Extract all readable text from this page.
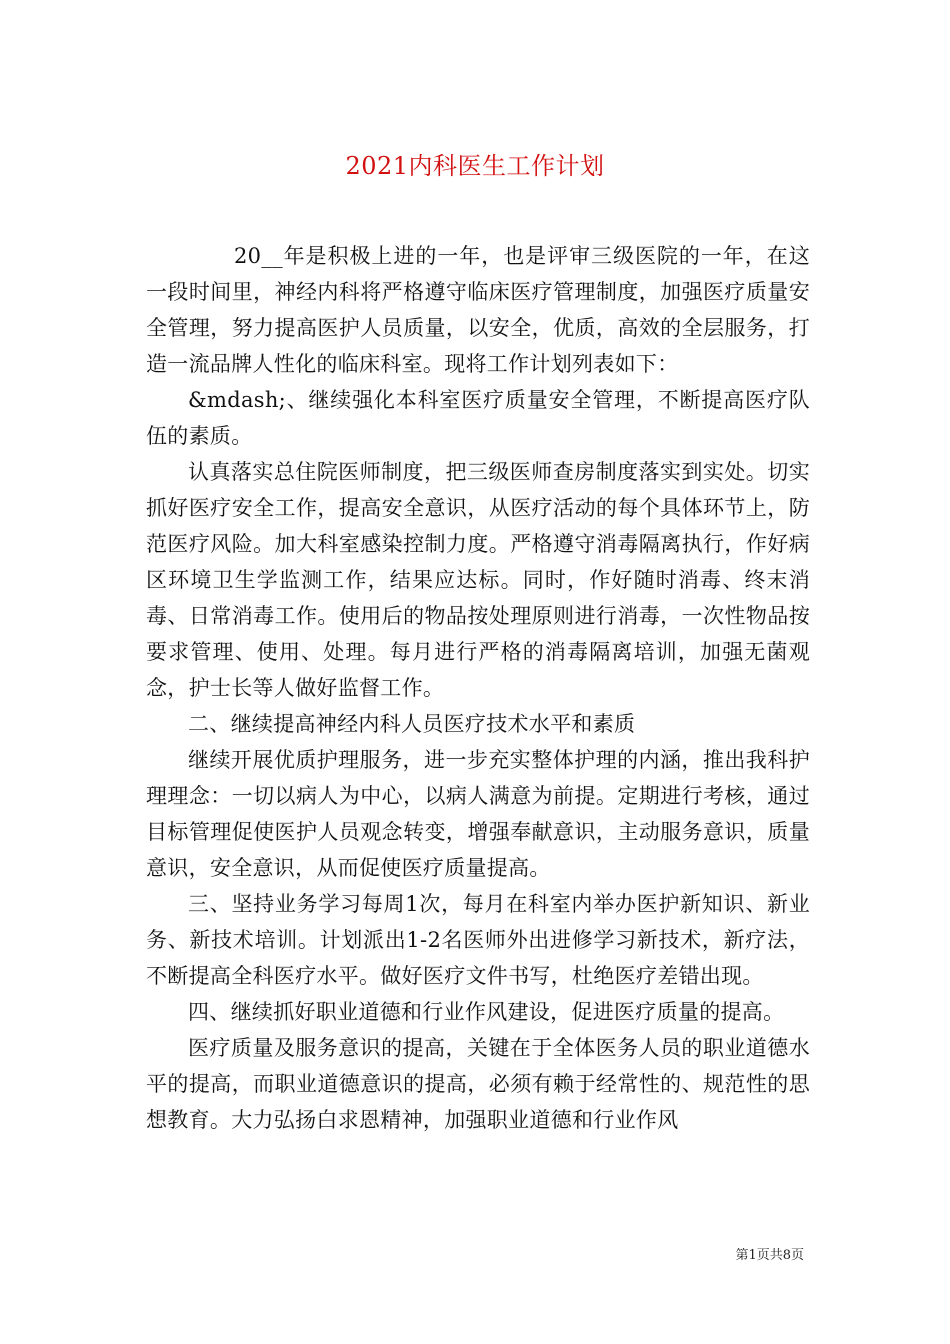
2021内科医生工作计划

20__年是积极上进的一年，也是评审三级医院的一年，在这一段时间里，神经内科将严格遵守临床医疗管理制度，加强医疗质量安全管理，努力提高医护人员质量，以安全，优质，高效的全层服务，打造一流品牌人性化的临床科室。现将工作计划列表如下：

&mdash;、继续强化本科室医疗质量安全管理，不断提高医疗队伍的素质。

认真落实总住院医师制度，把三级医师查房制度落实到实处。切实抓好医疗安全工作，提高安全意识，从医疗活动的每个具体环节上，防范医疗风险。加大科室感染控制力度。严格遵守消毒隔离执行，作好病区环境卫生学监测工作，结果应达标。同时，作好随时消毒、终末消毒、日常消毒工作。使用后的物品按处理原则进行消毒，一次性物品按要求管理、使用、处理。每月进行严格的消毒隔离培训，加强无菌观念，护士长等人做好监督工作。

二、继续提高神经内科人员医疗技术水平和素质

继续开展优质护理服务，进一步充实整体护理的内涵，推出我科护理理念：一切以病人为中心，以病人满意为前提。定期进行考核，通过目标管理促使医护人员观念转变，增强奉献意识，主动服务意识，质量意识，安全意识，从而促使医疗质量提高。

三、坚持业务学习每周1次，每月在科室内举办医护新知识、新业务、新技术培训。计划派出1-2名医师外出进修学习新技术，新疗法，不断提高全科医疗水平。做好医疗文件书写，杜绝医疗差错出现。

四、继续抓好职业道德和行业作风建设，促进医疗质量的提高。

医疗质量及服务意识的提高，关键在于全体医务人员的职业道德水平的提高，而职业道德意识的提高，必须有赖于经常性的、规范性的思想教育。大力弘扬白求恩精神，加强职业道德和行业作风

第1页共8页
